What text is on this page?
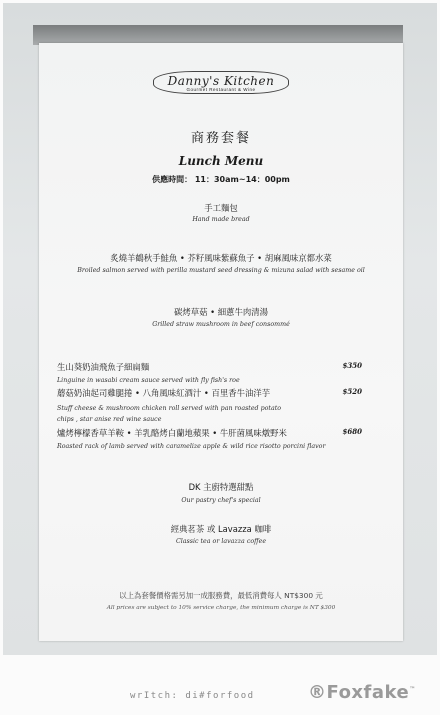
Danny's Kitchen
Gourmet Restaurant & Wine
商務套餐
Lunch Menu
供應時間： 11：30am~14：00pm
手工麵包
Hand made bread
炙燒羊鶴秋手鮭魚 • 芥籽風味紫蘇魚子 • 胡麻風味京都水菜
Broiled salmon served with perilla mustard seed dressing & mizuna salad with sesame oil
碳烤草菇 • 細蔥牛肉清湯
Grilled straw mushroom in beef consommé
生山葵奶油飛魚子細扁麵	$350
Linguine in wasabi cream sauce served with fly fish's roe
蘑菇奶油起司雞腿捲 • 八角風味紅酒汁 • 百里香牛油洋芋	$520
Stuff cheese & mushroom chicken roll served with pan roasted potato chips , star anise red wine sauce
爐烤檸檬香草羊鞍 • 羊乳酪烤白蘭地蘋果 • 牛肝菌風味燉野米	$680
Roasted rack of lamb served with caramelize apple & wild rice risotto porcini flavor
DK 主廚特選甜點
Our pastry chef's special
經典茗茶 或 Lavazza 咖啡
Classic tea or lavazza coffee
以上為套餐價格需另加一成服務費，最低消費每人 NT$300 元
All prices are subject to 10% service charge, the minimum charge is NT $300
wrItch: di#forfood	®Foxfake™
